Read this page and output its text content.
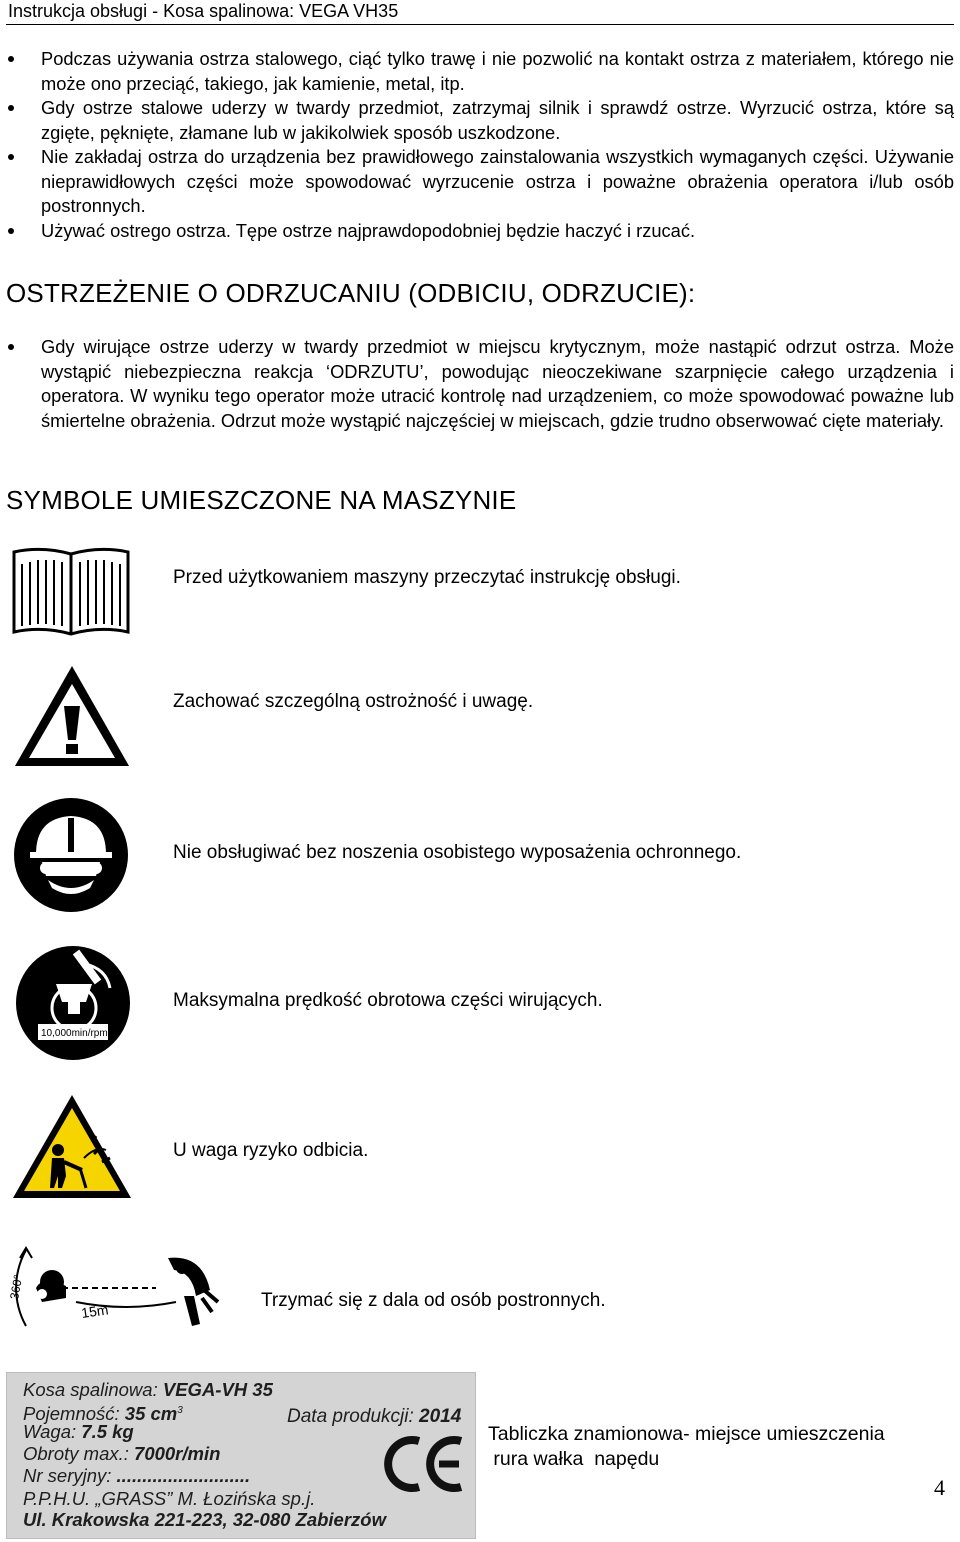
Instrukcja obsługi - Kosa spalinowa: VEGA VH35
Podczas używania ostrza stalowego, ciąć tylko trawę i nie pozwolić na kontakt ostrza z materiałem, którego nie może ono przeciąć, takiego, jak kamienie, metal, itp.
Gdy ostrze stalowe uderzy w twardy przedmiot, zatrzymaj silnik i sprawdź ostrze. Wyrzucić ostrza, które są zgięte, pęknięte, złamane lub w jakikolwiek sposób uszkodzone.
Nie zakładaj ostrza do urządzenia bez prawidłowego zainstalowania wszystkich wymaganych części. Używanie nieprawidłowych części może spowodować wyrzucenie ostrza i poważne obrażenia operatora i/lub osób postronnych.
Używać ostrego ostrza. Tępe ostrze najprawdopodobniej będzie haczyć i rzucać.
OSTRZEŻENIE O ODRZUCANIU (ODBICIU, ODRZUCIE):
Gdy wirujące ostrze uderzy w twardy przedmiot w miejscu krytycznym, może nastąpić odrzut ostrza. Może wystąpić niebezpieczna reakcja ‘ODRZUTU’, powodując nieoczekiwane szarpnięcie całego urządzenia i operatora. W wyniku tego operator może utracić kontrolę nad urządzeniem, co może spowodować poważne lub śmiertelne obrażenia. Odrzut może wystąpić najczęściej w miejscach, gdzie trudno obserwować cięte materiały.
SYMBOLE UMIESZCZONE NA MASZYNIE
Przed użytkowaniem maszyny przeczytać instrukcję obsługi.
Zachować szczególną ostrożność i uwagę.
Nie obsługiwać bez noszenia osobistego wyposażenia ochronnego.
10,000min/rpm
Maksymalna prędkość obrotowa części wirujących.
U waga ryzyko odbicia.
360°
15m
Trzymać się z dala od osób postronnych.
Kosa spalinowa: VEGA-VH 35
Pojemność: 35 $cm^3$
Waga: 7.5 kg
Obroty max.: 7000r/min
Nr seryjny: ..........................
P.P.H.U. „GRASS” M. Łozińska sp.j.
Ul. Krakowska 221-223, 32-080 Zabierzów
Data produkcji: 2014
CE	Tabliczka znamionowa- miejsce umieszczenia
rura wałka  napędu
4
